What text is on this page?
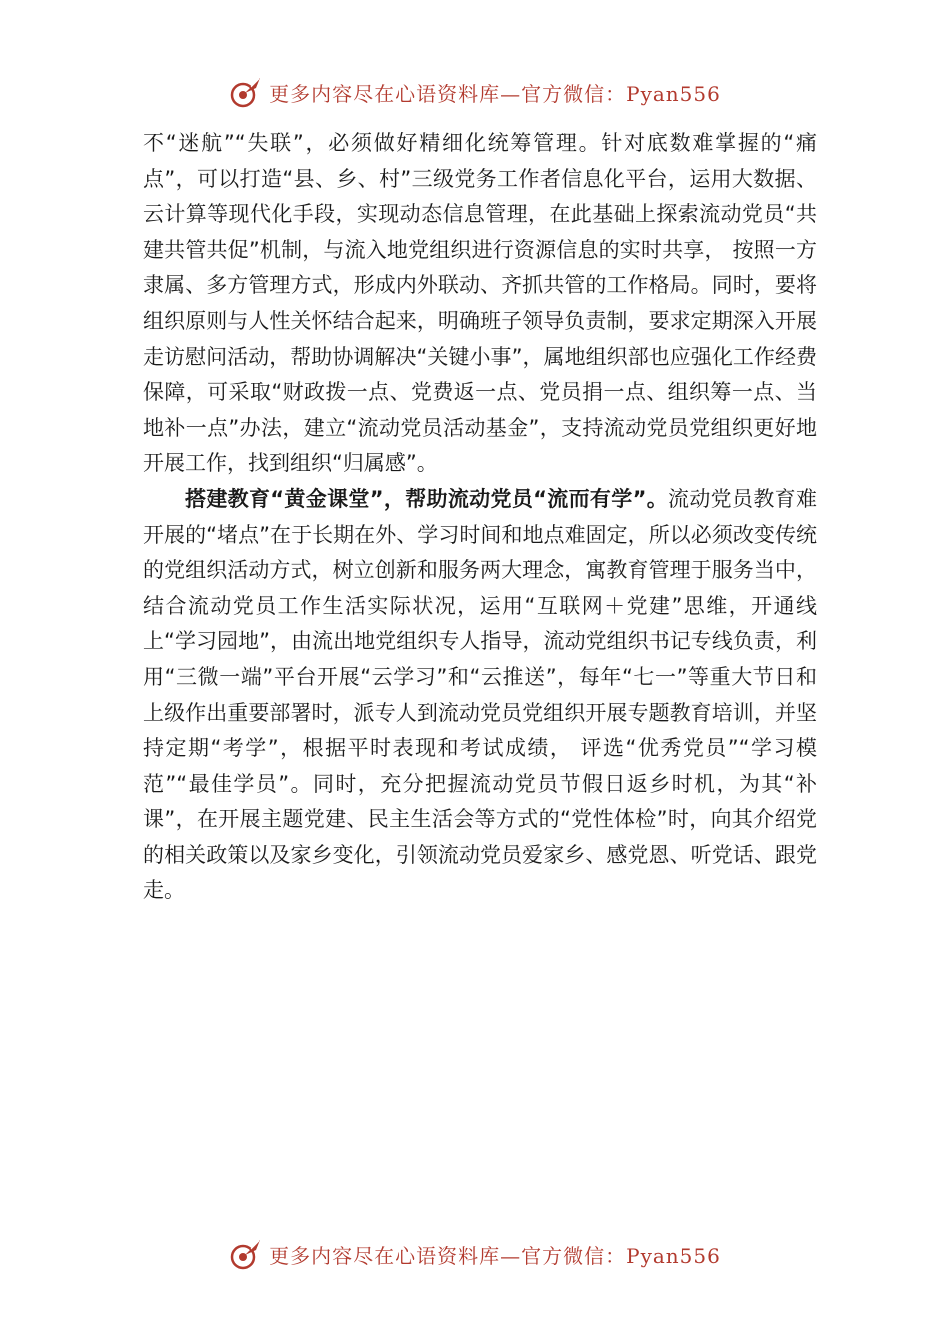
更多内容尽在心语资料库—官方微信：Pyan556

不“迷航”“失联”，必须做好精细化统筹管理。针对底数难掌握的“痛点”，可以打造“县、乡、村”三级党务工作者信息化平台，运用大数据、云计算等现代化手段，实现动态信息管理，在此基础上探索流动党员“共建共管共促”机制，与流入地党组织进行资源信息的实时共享， 按照一方隶属、多方管理方式，形成内外联动、齐抓共管的工作格局。同时，要将组织原则与人性关怀结合起来，明确班子领导负责制，要求定期深入开展走访慰问活动，帮助协调解决“关键小事”，属地组织部也应强化工作经费保障，可采取“财政拨一点、党费返一点、党员捐一点、组织筹一点、当地补一点”办法，建立“流动党员活动基金”，支持流动党员党组织更好地开展工作，找到组织“归属感”。

搭建教育“黄金课堂”，帮助流动党员“流而有学”。流动党员教育难开展的“堵点”在于长期在外、学习时间和地点难固定，所以必须改变传统的党组织活动方式，树立创新和服务两大理念，寓教育管理于服务当中，结合流动党员工作生活实际状况，运用“互联网＋党建”思维，开通线上“学习园地”，由流出地党组织专人指导，流动党组织书记专线负责，利用“三微一端”平台开展“云学习”和“云推送”，每年“七一”等重大节日和上级作出重要部署时，派专人到流动党员党组织开展专题教育培训，并坚持定期“考学”，根据平时表现和考试成绩， 评选“优秀党员”“学习模范”“最佳学员”。同时，充分把握流动党员节假日返乡时机，为其“补课”，在开展主题党建、民主生活会等方式的“党性体检”时，向其介绍党的相关政策以及家乡变化，引领流动党员爱家乡、感党恩、听党话、跟党走。

更多内容尽在心语资料库—官方微信：Pyan556
